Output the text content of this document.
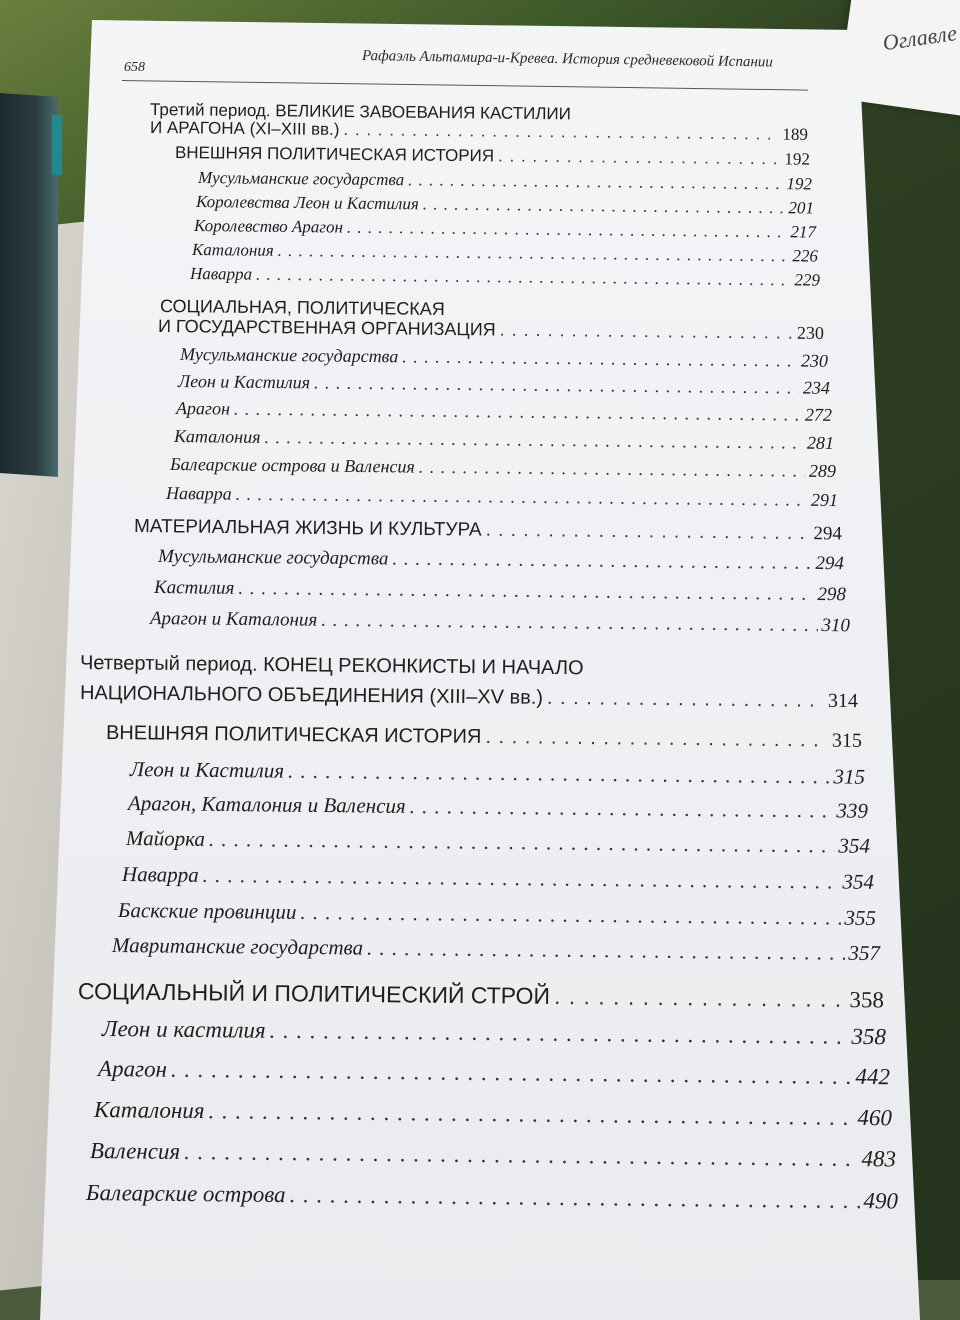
Оглавле
658	Рафаэль Альтамира-и-Кревеа. История средневековой Испании
Третий период. ВЕЛИКИЕ ЗАВОЕВАНИЯ КАСТИЛИИ
И АРАГОНА (XI–XIII вв.) . . .	189
ВНЕШНЯЯ ПОЛИТИЧЕСКАЯ ИСТОРИЯ . . .	192
Мусульманские государства . . .	192
Королевства Леон и Кастилия . . .	201
Королевство Арагон . . .	217
Каталония . . .	226
Наварра . . .	229
СОЦИАЛЬНАЯ, ПОЛИТИЧЕСКАЯ
И ГОСУДАРСТВЕННАЯ ОРГАНИЗАЦИЯ . . .	230
Мусульманские государства . . .	230
Леон и Кастилия . . .	234
Арагон . . .	272
Каталония . . .	281
Балеарские острова и Валенсия . . .	289
Наварра . . .	291
МАТЕРИАЛЬНАЯ ЖИЗНЬ И КУЛЬТУРА . . .	294
Мусульманские государства . . .	294
Кастилия . . .	298
Арагон и Каталония . . .	310
Четвертый период. КОНЕЦ РЕКОНКИСТЫ И НАЧАЛО
НАЦИОНАЛЬНОГО ОБЪЕДИНЕНИЯ (XIII–XV вв.) . . .	314
ВНЕШНЯЯ ПОЛИТИЧЕСКАЯ ИСТОРИЯ . . .	315
Леон и Кастилия . . .	315
Арагон, Каталония и Валенсия . . .	339
Майорка . . .	354
Наварра . . .	354
Баскские провинции . . .	355
Мавританские государства . . .	357
СОЦИАЛЬНЫЙ И ПОЛИТИЧЕСКИЙ СТРОЙ . . .	358
Леон и кастилия . . .	358
Арагон . . .	442
Каталония . . .	460
Валенсия . . .	483
Балеарские острова . . .	490
